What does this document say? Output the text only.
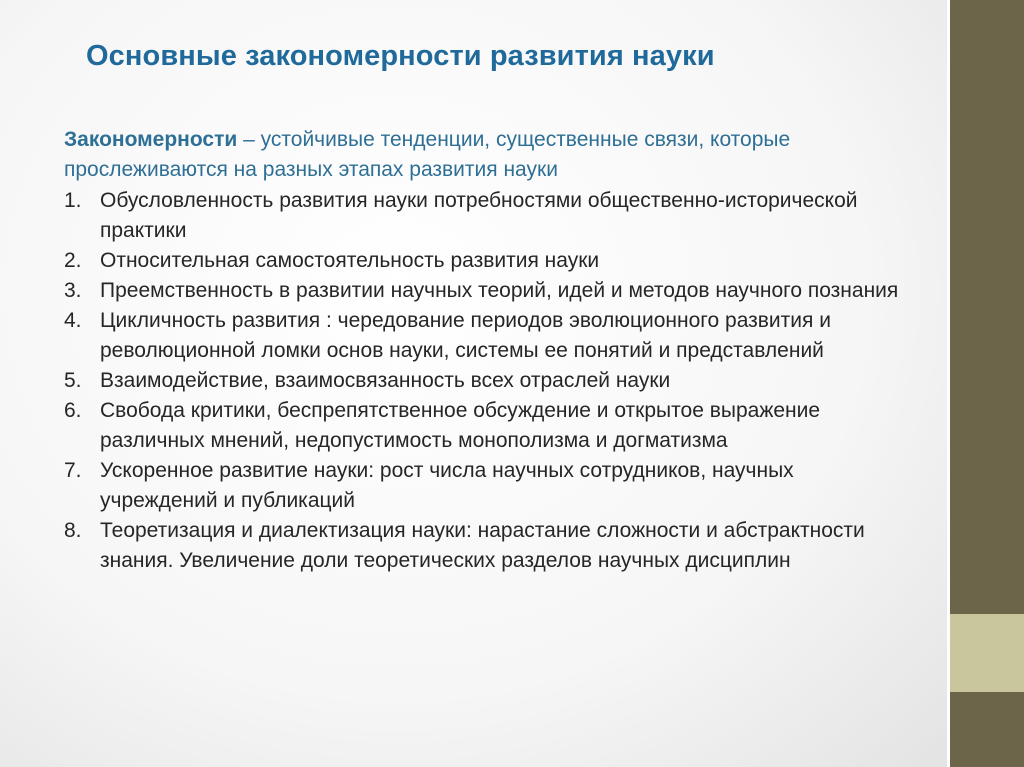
Основные закономерности развития науки

Закономерности – устойчивые тенденции, существенные связи, которые прослеживаются на разных этапах развития науки

1. Обусловленность развития науки потребностями общественно-исторической практики
2. Относительная самостоятельность развития науки
3. Преемственность в развитии научных теорий, идей и методов научного познания
4. Цикличность развития : чередование периодов эволюционного развития и революционной ломки основ науки, системы ее понятий и представлений
5. Взаимодействие, взаимосвязанность всех отраслей науки
6. Свобода критики, беспрепятственное обсуждение и открытое выражение различных мнений, недопустимость монополизма и догматизма
7. Ускоренное развитие науки: рост числа научных сотрудников, научных учреждений и публикаций
8. Теоретизация и диалектизация науки: нарастание сложности и абстрактности знания. Увеличение доли теоретических разделов научных дисциплин
